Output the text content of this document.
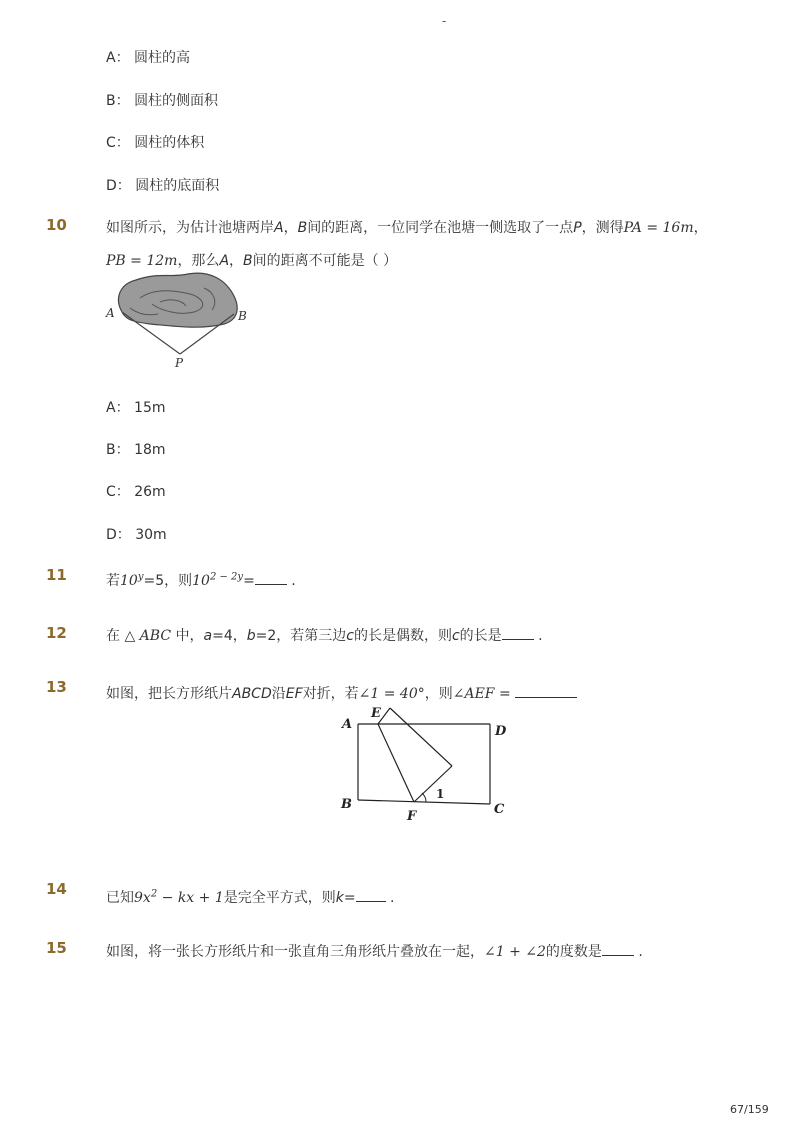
-
A： 圆柱的高
B： 圆柱的侧面积
C： 圆柱的体积
D： 圆柱的底面积
10	如图所示，为估计池塘两岸A，B间的距离，一位同学在池塘一侧选取了一点P，测得PA = 16m，
PB = 12m，那么A，B间的距离不可能是（ ）
A	B
P
A： 15m
B： 18m
C： 26m
D： 30m
11	若$10^y=5$，则$10^{2 - 2y}=$	.
12	在 △ ABC 中，a=4，b=2，若第三边c的长是偶数，则c的长是	.
13	如图，把长方形纸片ABCD沿EF对折，若∠1 = 40°，则∠AEF =
A
E
D
B
F	C
1
14	已知$9x^2$ − kx + 1是完全平方式，则k= .
15	如图，将一张长方形纸片和一张直角三角形纸片叠放在一起，∠1 + ∠2的度数是	.
67/159
